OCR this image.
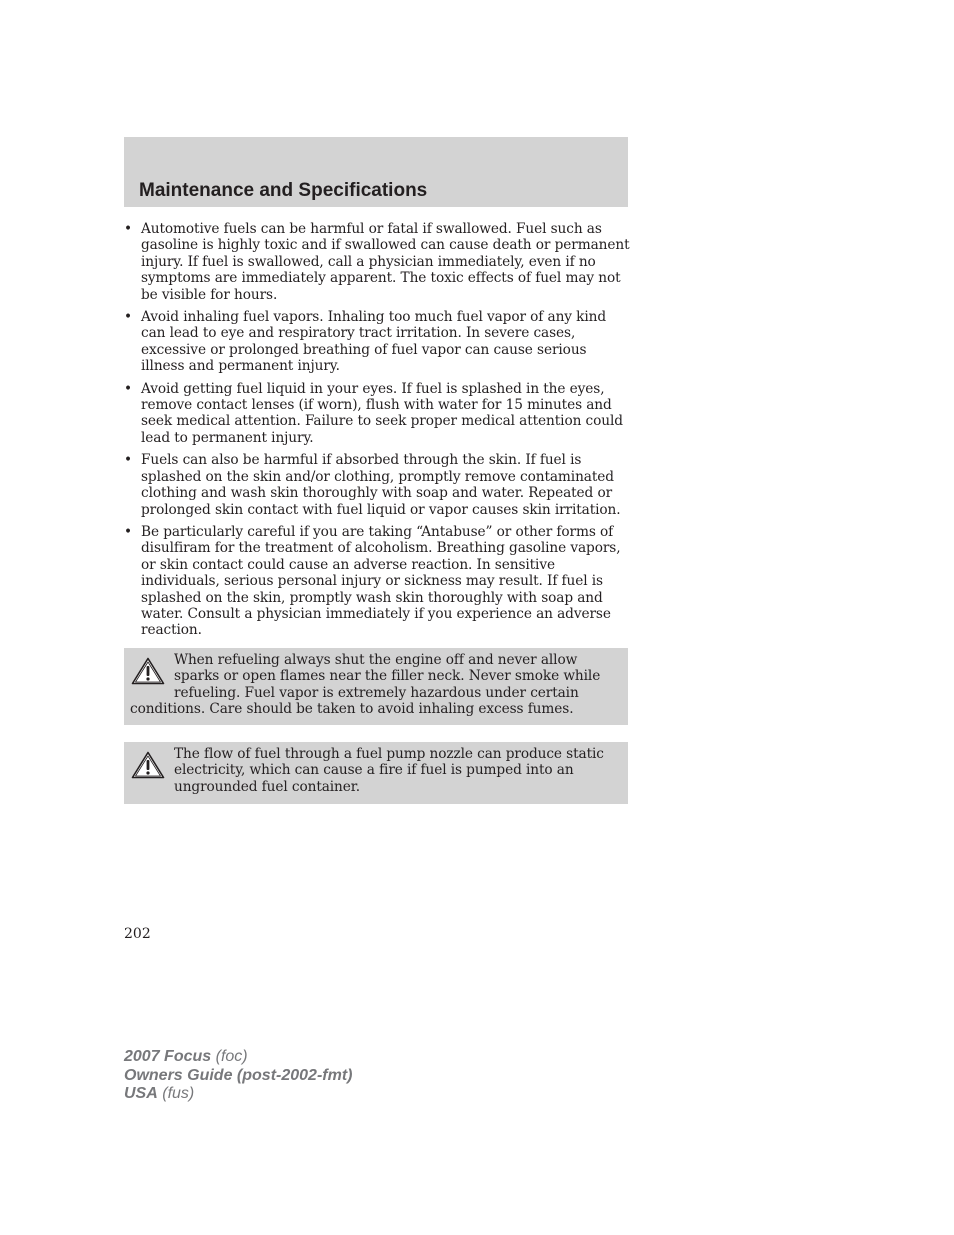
Maintenance and Specifications
• Automotive fuels can be harmful or fatal if swallowed. Fuel such as gasoline is highly toxic and if swallowed can cause death or permanent injury. If fuel is swallowed, call a physician immediately, even if no symptoms are immediately apparent. The toxic effects of fuel may not be visible for hours.
• Avoid inhaling fuel vapors. Inhaling too much fuel vapor of any kind can lead to eye and respiratory tract irritation. In severe cases, excessive or prolonged breathing of fuel vapor can cause serious illness and permanent injury.
• Avoid getting fuel liquid in your eyes. If fuel is splashed in the eyes, remove contact lenses (if worn), flush with water for 15 minutes and seek medical attention. Failure to seek proper medical attention could lead to permanent injury.
• Fuels can also be harmful if absorbed through the skin. If fuel is splashed on the skin and/or clothing, promptly remove contaminated clothing and wash skin thoroughly with soap and water. Repeated or prolonged skin contact with fuel liquid or vapor causes skin irritation.
• Be particularly careful if you are taking “Antabuse” or other forms of disulfiram for the treatment of alcoholism. Breathing gasoline vapors, or skin contact could cause an adverse reaction. In sensitive individuals, serious personal injury or sickness may result. If fuel is splashed on the skin, promptly wash skin thoroughly with soap and water. Consult a physician immediately if you experience an adverse reaction.
When refueling always shut the engine off and never allow sparks or open flames near the filler neck. Never smoke while refueling. Fuel vapor is extremely hazardous under certain conditions. Care should be taken to avoid inhaling excess fumes.
The flow of fuel through a fuel pump nozzle can produce static electricity, which can cause a fire if fuel is pumped into an ungrounded fuel container.
202
2007 Focus (foc)
Owners Guide (post-2002-fmt)
USA (fus)
